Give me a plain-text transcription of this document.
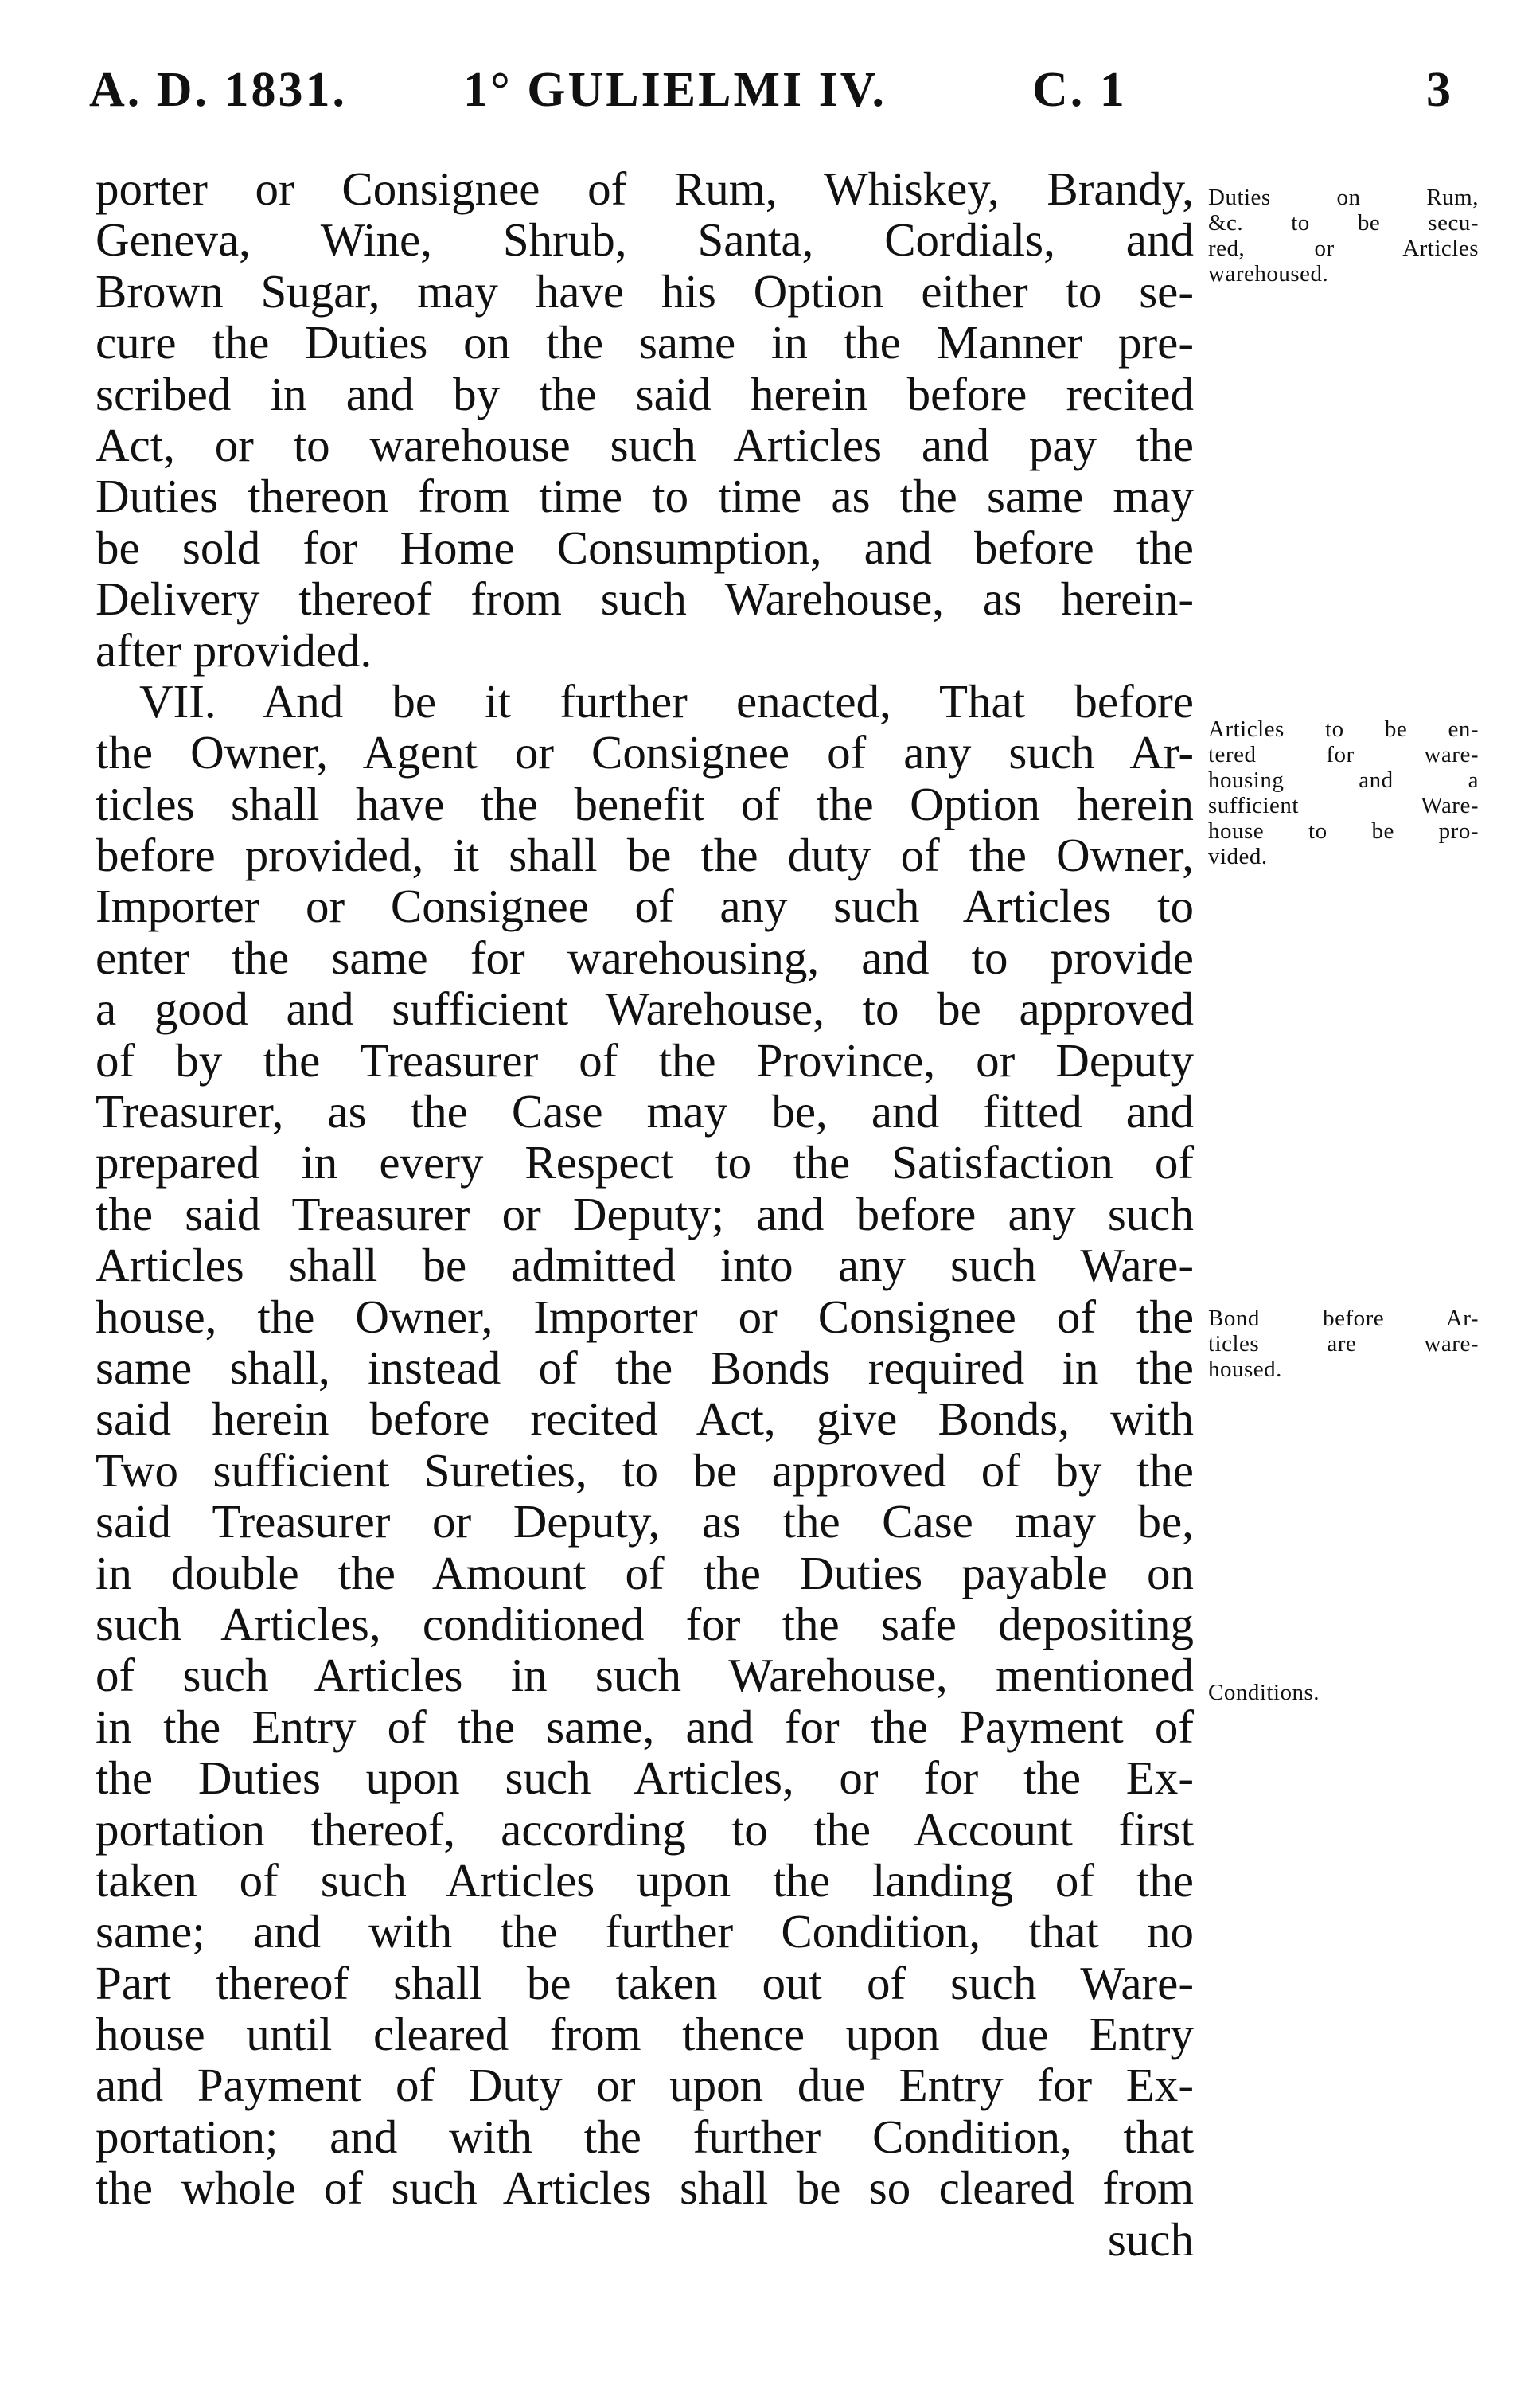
A. D. 1831. 1° GULIELMI IV.	C. 1	3
porter or Consignee of Rum, Whiskey, Brandy,
Geneva, Wine, Shrub, Santa, Cordials, and
Brown Sugar, may have his Option either to se-
cure the Duties on the same in the Manner pre-
scribed in and by the said herein before recited
Act, or to warehouse such Articles and pay the
Duties thereon from time to time as the same may
be sold for Home Consumption, and before the
Delivery thereof from such Warehouse, as herein-
after provided.
VII. And be it further enacted, That before
the Owner, Agent or Consignee of any such Ar-
ticles shall have the benefit of the Option herein
before provided, it shall be the duty of the Owner,
Importer or Consignee of any such Articles to
enter the same for warehousing, and to provide
a good and sufficient Warehouse, to be approved
of by the Treasurer of the Province, or Deputy
Treasurer, as the Case may be, and fitted and
prepared in every Respect to the Satisfaction of
the said Treasurer or Deputy; and before any such
Articles shall be admitted into any such Ware-
house, the Owner, Importer or Consignee of the
same shall, instead of the Bonds required in the
said herein before recited Act, give Bonds, with
Two sufficient Sureties, to be approved of by the
said Treasurer or Deputy, as the Case may be,
in double the Amount of the Duties payable on
such Articles, conditioned for the safe depositing
of such Articles in such Warehouse, mentioned
in the Entry of the same, and for the Payment of
the Duties upon such Articles, or for the Ex-
portation thereof, according to the Account first
taken of such Articles upon the landing of the
same; and with the further Condition, that no
Part thereof shall be taken out of such Ware-
house until cleared from thence upon due Entry
and Payment of Duty or upon due Entry for Ex-
portation; and with the further Condition, that
the whole of such Articles shall be so cleared from
such
Duties on Rum,
&c. to be secu-
red, or Articles
warehoused.
Articles to be en-
tered for ware-
housing and a
sufficient Ware-
house to be pro-
vided.
Bond before Ar-
ticles are ware-
housed.
Conditions.
